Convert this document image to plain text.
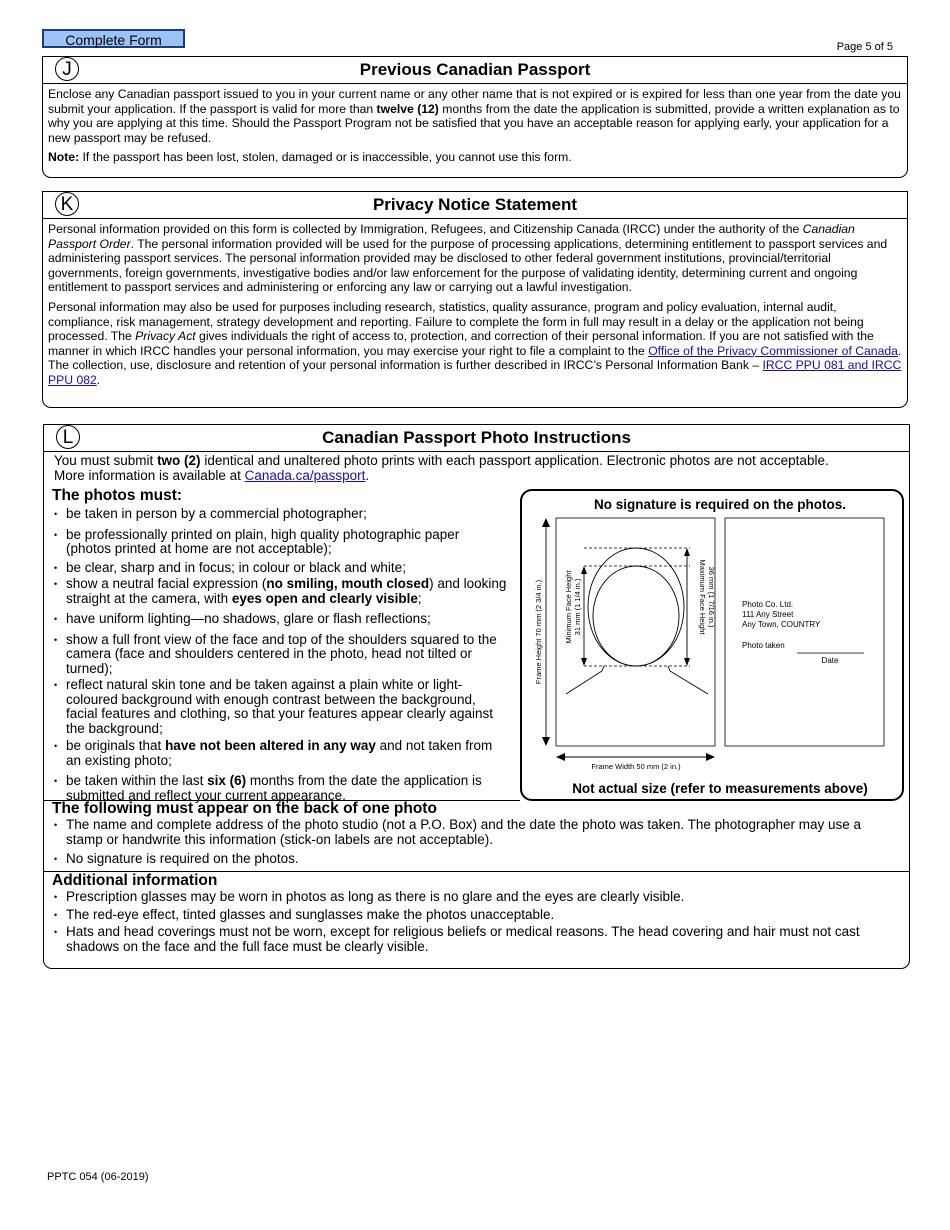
Complete Form	Page 5 of 5
J	Previous Canadian Passport

Enclose any Canadian passport issued to you in your current name or any other name that is not expired or is expired for less than one year from the date you submit your application. If the passport is valid for more than twelve (12) months from the date the application is submitted, provide a written explanation as to why you are applying at this time. Should the Passport Program not be satisfied that you have an acceptable reason for applying early, your application for a new passport may be refused.

Note: If the passport has been lost, stolen, damaged or is inaccessible, you cannot use this form.

K	Privacy Notice Statement

Personal information provided on this form is collected by Immigration, Refugees, and Citizenship Canada (IRCC) under the authority of the Canadian Passport Order. The personal information provided will be used for the purpose of processing applications, determining entitlement to passport services and administering passport services. The personal information provided may be disclosed to other federal government institutions, provincial/territorial governments, foreign governments, investigative bodies and/or law enforcement for the purpose of validating identity, determining current and ongoing entitlement to passport services and administering or enforcing any law or carrying out a lawful investigation.

Personal information may also be used for purposes including research, statistics, quality assurance, program and policy evaluation, internal audit, compliance, risk management, strategy development and reporting. Failure to complete the form in full may result in a delay or the application not being processed. The Privacy Act gives individuals the right of access to, protection, and correction of their personal information. If you are not satisfied with the manner in which IRCC handles your personal information, you may exercise your right to file a complaint to the Office of the Privacy Commissioner of Canada. The collection, use, disclosure and retention of your personal information is further described in IRCC’s Personal Information Bank – IRCC PPU 081 and IRCC PPU 082.

L	Canadian Passport Photo Instructions
You must submit two (2) identical and unaltered photo prints with each passport application. Electronic photos are not acceptable.
More information is available at Canada.ca/passport.
The photos must:
• be taken in person by a commercial photographer;
• be professionally printed on plain, high quality photographic paper (photos printed at home are not acceptable);
• be clear, sharp and in focus; in colour or black and white;
• show a neutral facial expression (no smiling, mouth closed) and looking straight at the camera, with eyes open and clearly visible;
• have uniform lighting—no shadows, glare or flash reflections;
• show a full front view of the face and top of the shoulders squared to the camera (face and shoulders centered in the photo, head not tilted or turned);
• reflect natural skin tone and be taken against a plain white or light-coloured background with enough contrast between the background, facial features and clothing, so that your features appear clearly against the background;
• be originals that have not been altered in any way and not taken from an existing photo;
• be taken within the last six (6) months from the date the application is submitted and reflect your current appearance.
No signature is required on the photos.
Frame Height 70 mm (2 3/4 in.)	Minimum Face Height 31 mm (1 1/4 in.)	Maximum Face Height 36 mm (1 7/16 in.)
Frame Width 50 mm (2 in.)
Photo Co. Ltd.
111 Any Street
Any Town, COUNTRY
Photo taken
Date
Not actual size (refer to measurements above)
The following must appear on the back of one photo
• The name and complete address of the photo studio (not a P.O. Box) and the date the photo was taken. The photographer may use a stamp or handwrite this information (stick-on labels are not acceptable).
• No signature is required on the photos.
Additional information
• Prescription glasses may be worn in photos as long as there is no glare and the eyes are clearly visible.
• The red-eye effect, tinted glasses and sunglasses make the photos unacceptable.
• Hats and head coverings must not be worn, except for religious beliefs or medical reasons. The head covering and hair must not cast shadows on the face and the full face must be clearly visible.
PPTC 054 (06-2019)
